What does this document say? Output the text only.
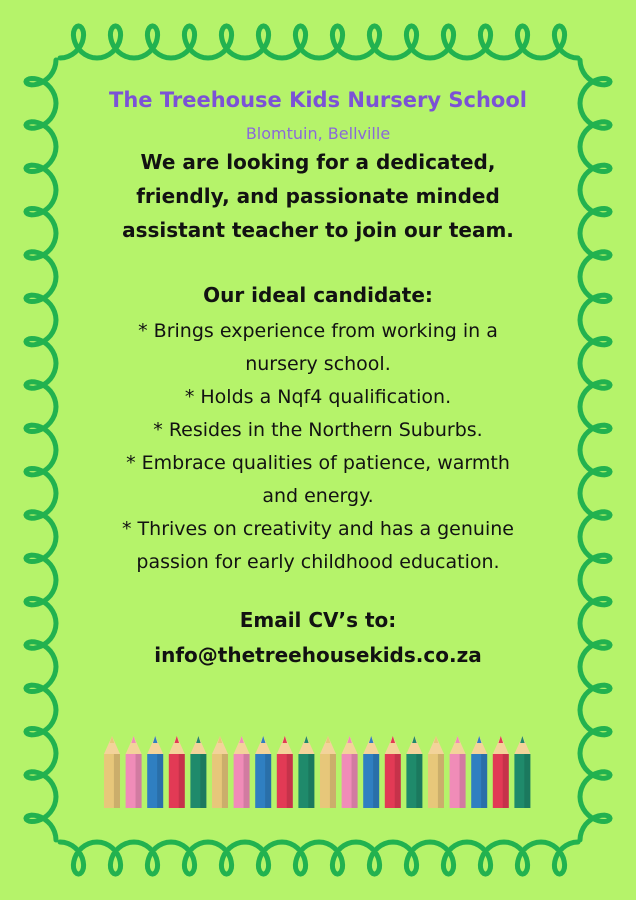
The Treehouse Kids Nursery School
Blomtuin, Bellville
We are looking for a dedicated,
friendly, and passionate minded
assistant teacher to join our team.
Our ideal candidate:
* Brings experience from working in a
nursery school.
* Holds a Nqf4 qualification.
* Resides in the Northern Suburbs.
* Embrace qualities of patience, warmth
and energy.
* Thrives on creativity and has a genuine
passion for early childhood education.
Email CV’s to:
info@thetreehousekids.co.za
